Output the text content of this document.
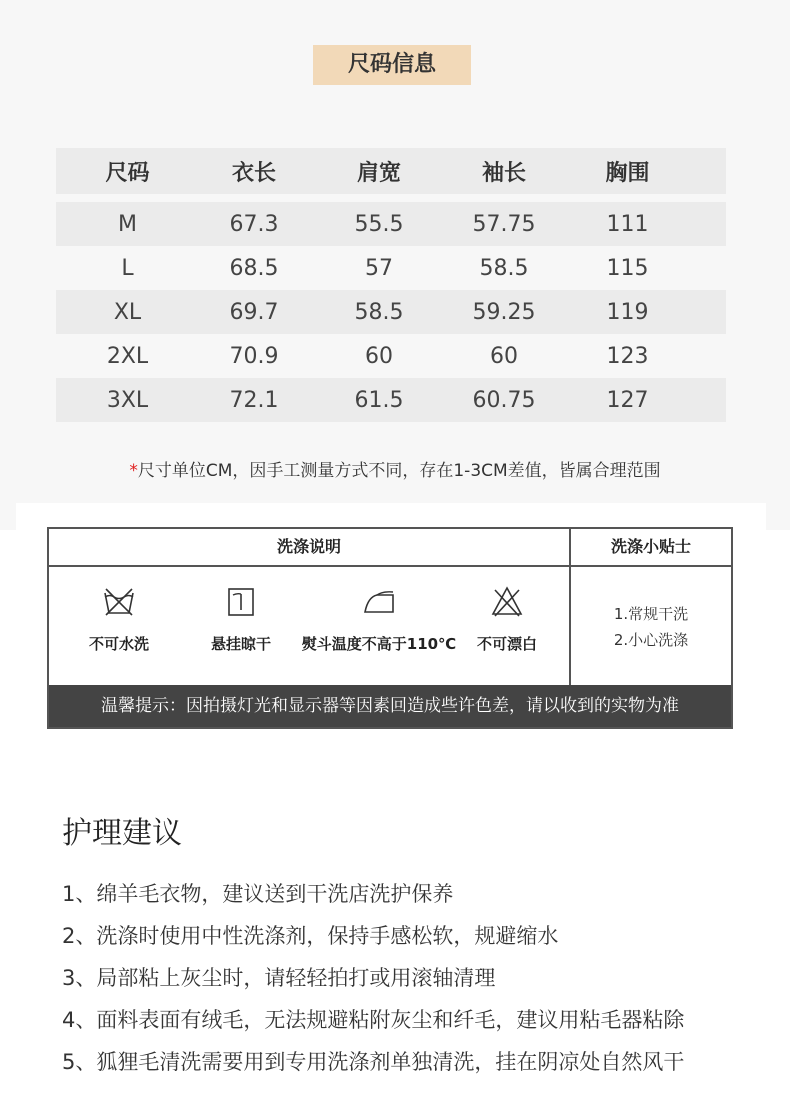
尺码信息
尺码	衣长	肩宽	袖长	胸围
M	67.3	55.5	57.75	111
L	68.5	57	58.5	115
XL	69.7	58.5	59.25	119
2XL	70.9	60	60	123
3XL	72.1	61.5	60.75	127
*尺寸单位CM，因手工测量方式不同，存在1-3CM差值，皆属合理范围
洗涤说明	洗涤小贴士
不可水洗	悬挂晾干	熨斗温度不高于110℃	不可漂白
1.常规干洗
2.小心洗涤
温馨提示：因拍摄灯光和显示器等因素回造成些许色差，请以收到的实物为准
护理建议
1、绵羊毛衣物，建议送到干洗店洗护保养
2、洗涤时使用中性洗涤剂，保持手感松软，规避缩水
3、局部粘上灰尘时，请轻轻拍打或用滚轴清理
4、面料表面有绒毛，无法规避粘附灰尘和纤毛，建议用粘毛器粘除
5、狐狸毛清洗需要用到专用洗涤剂单独清洗，挂在阴凉处自然风干
